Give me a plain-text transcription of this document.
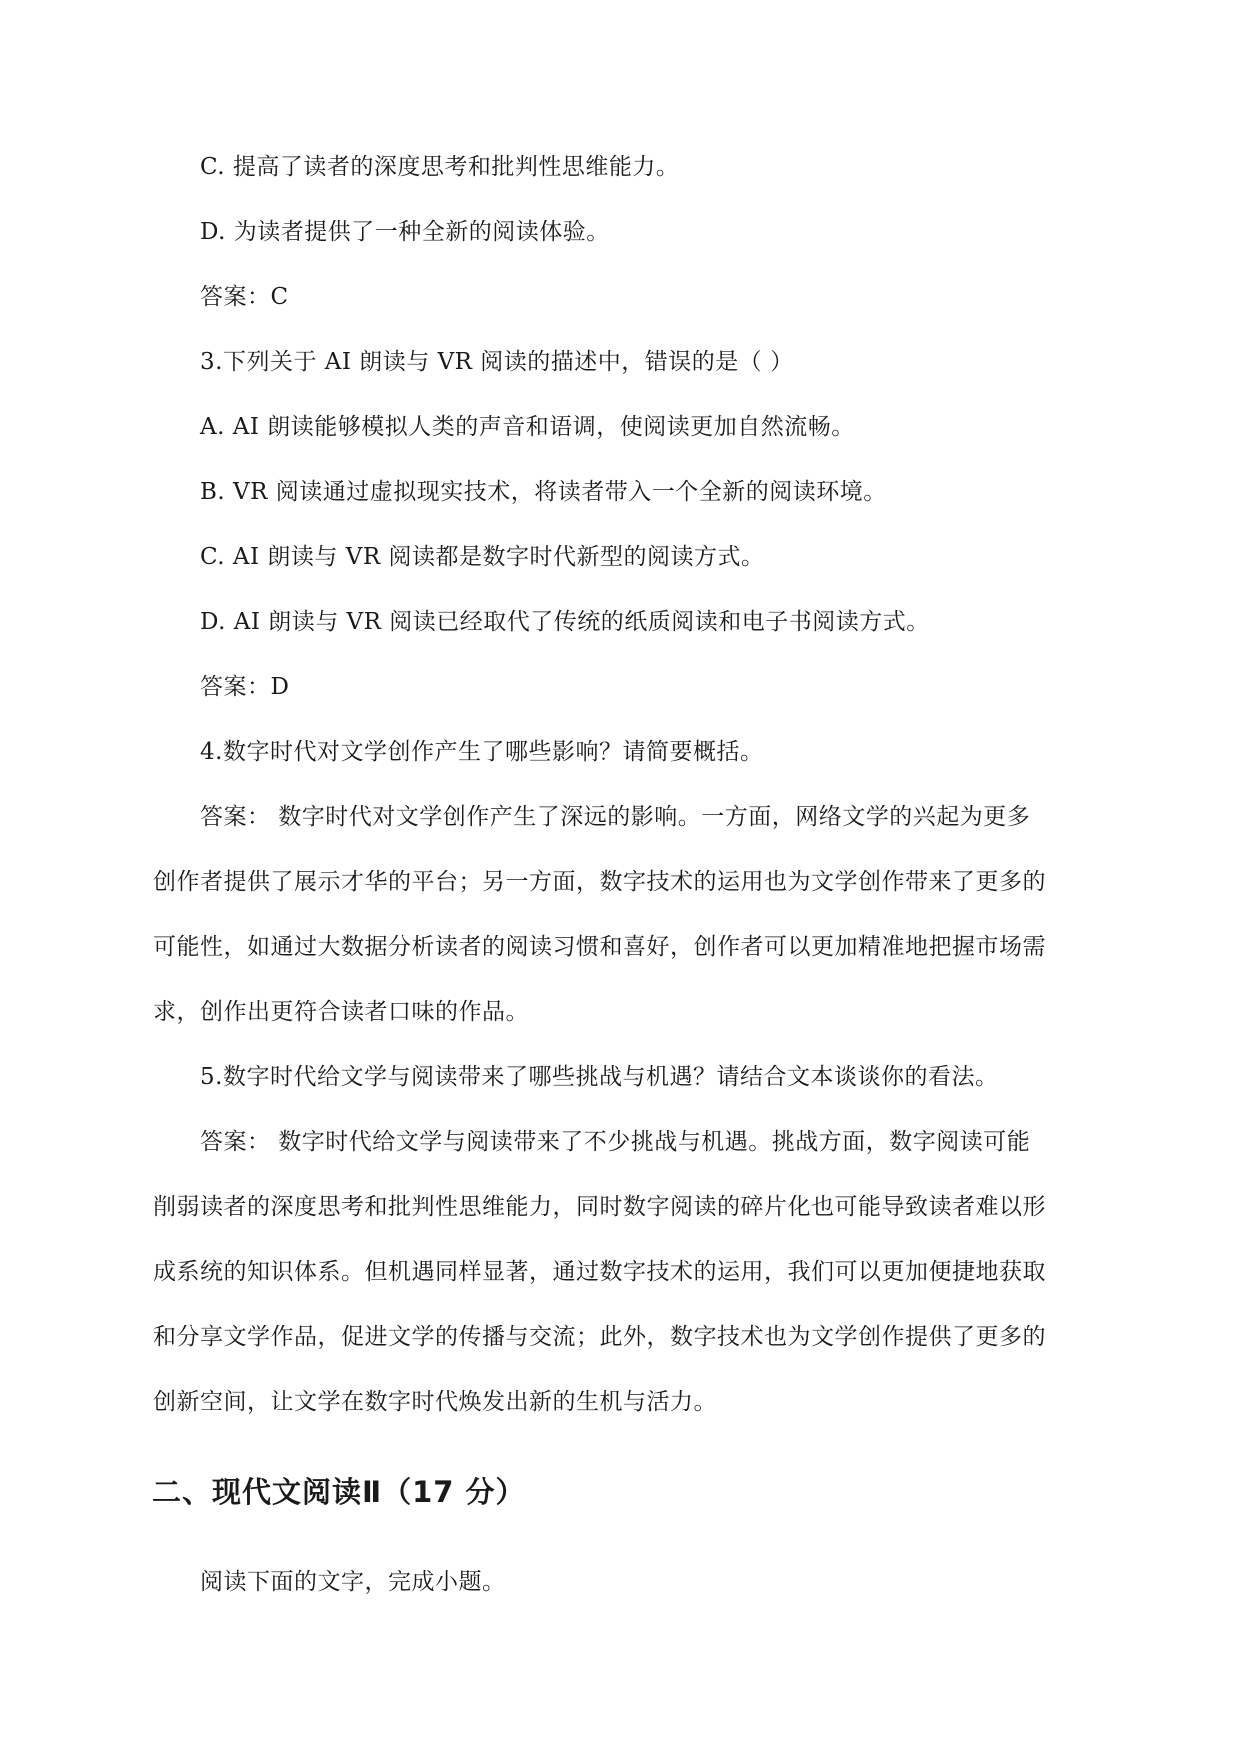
C. 提高了读者的深度思考和批判性思维能力。
D. 为读者提供了一种全新的阅读体验。
答案：C
3.下列关于 AI 朗读与 VR 阅读的描述中，错误的是（ ）
A. AI 朗读能够模拟人类的声音和语调，使阅读更加自然流畅。
B. VR 阅读通过虚拟现实技术，将读者带入一个全新的阅读环境。
C. AI 朗读与 VR 阅读都是数字时代新型的阅读方式。
D. AI 朗读与 VR 阅读已经取代了传统的纸质阅读和电子书阅读方式。
答案：D
4.数字时代对文学创作产生了哪些影响？请简要概括。
答案： 数字时代对文学创作产生了深远的影响。一方面，网络文学的兴起为更多
创作者提供了展示才华的平台；另一方面，数字技术的运用也为文学创作带来了更多的
可能性，如通过大数据分析读者的阅读习惯和喜好，创作者可以更加精准地把握市场需
求，创作出更符合读者口味的作品。
5.数字时代给文学与阅读带来了哪些挑战与机遇？请结合文本谈谈你的看法。
答案： 数字时代给文学与阅读带来了不少挑战与机遇。挑战方面，数字阅读可能
削弱读者的深度思考和批判性思维能力，同时数字阅读的碎片化也可能导致读者难以形
成系统的知识体系。但机遇同样显著，通过数字技术的运用，我们可以更加便捷地获取
和分享文学作品，促进文学的传播与交流；此外，数字技术也为文学创作提供了更多的
创新空间，让文学在数字时代焕发出新的生机与活力。
二、现代文阅读Ⅱ（17 分）
阅读下面的文字，完成小题。
